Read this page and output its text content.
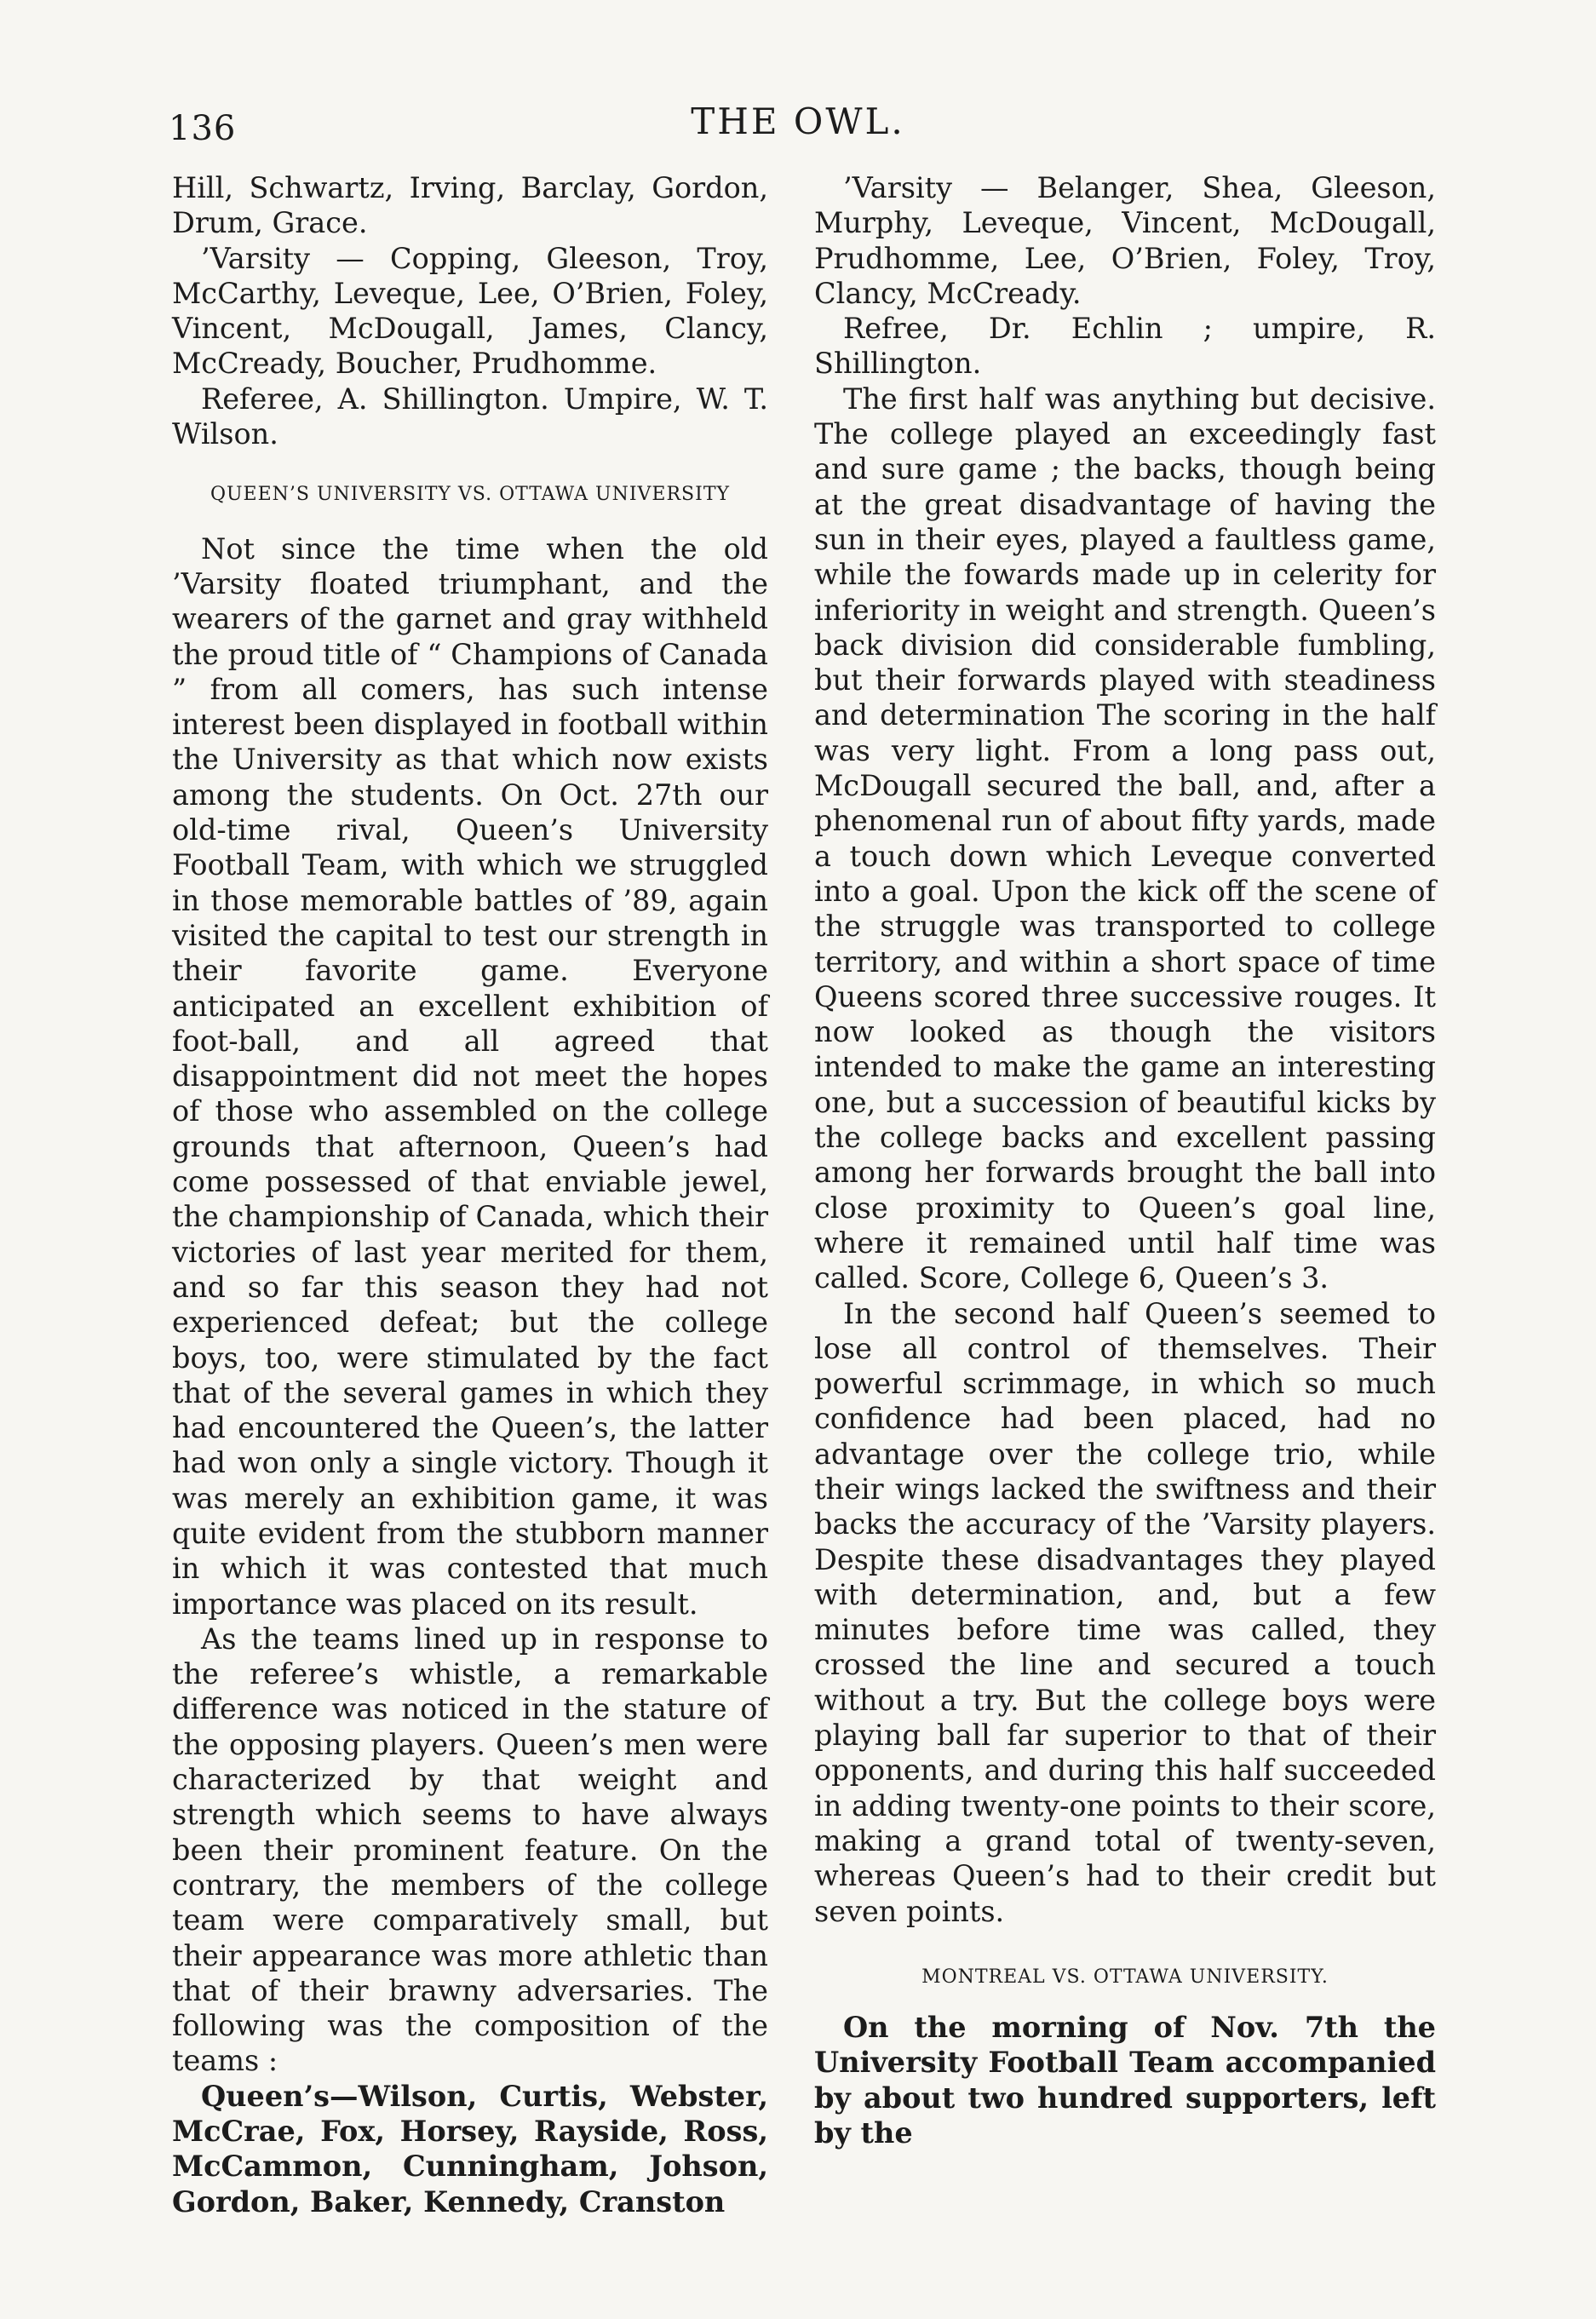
136	THE OWL.

Hill, Schwartz, Irving, Barclay, Gordon, Drum, Grace.

’Varsity — Copping, Gleeson, Troy, McCarthy, Leveque, Lee, O’Brien, Foley, Vincent, McDougall, James, Clancy, McCready, Boucher, Prudhomme.

Referee, A. Shillington. Umpire, W. T. Wilson.

QUEEN’S UNIVERSITY VS. OTTAWA UNIVERSITY

Not since the time when the old ’Varsity floated triumphant, and the wearers of the garnet and gray withheld the proud title of “ Champions of Canada ” from all comers, has such intense interest been displayed in football within the University as that which now exists among the students. On Oct. 27th our old-time rival, Queen’s University Football Team, with which we struggled in those memorable battles of ’89, again visited the capital to test our strength in their favorite game. Everyone anticipated an excellent exhibition of foot-ball, and all agreed that disappointment did not meet the hopes of those who assembled on the college grounds that afternoon, Queen’s had come possessed of that enviable jewel, the championship of Canada, which their victories of last year merited for them, and so far this season they had not experienced defeat; but the college boys, too, were stimulated by the fact that of the several games in which they had encountered the Queen’s, the latter had won only a single victory. Though it was merely an exhibition game, it was quite evident from the stubborn manner in which it was contested that much importance was placed on its result.

As the teams lined up in response to the referee’s whistle, a remarkable difference was noticed in the stature of the opposing players. Queen’s men were characterized by that weight and strength which seems to have always been their prominent feature. On the contrary, the members of the college team were comparatively small, but their appearance was more athletic than that of their brawny adversaries. The following was the composition of the teams :

Queen’s—Wilson, Curtis, Webster, McCrae, Fox, Horsey, Rayside, Ross, McCammon, Cunningham, Johson, Gordon, Baker, Kennedy, Cranston

’Varsity — Belanger, Shea, Gleeson, Murphy, Leveque, Vincent, McDougall, Prudhomme, Lee, O’Brien, Foley, Troy, Clancy, McCready.

Refree, Dr. Echlin ; umpire, R. Shillington.

The first half was anything but decisive. The college played an exceedingly fast and sure game ; the backs, though being at the great disadvantage of having the sun in their eyes, played a faultless game, while the fowards made up in celerity for inferiority in weight and strength. Queen’s back division did considerable fumbling, but their forwards played with steadiness and determination The scoring in the half was very light. From a long pass out, McDougall secured the ball, and, after a phenomenal run of about fifty yards, made a touch down which Leveque converted into a goal. Upon the kick off the scene of the struggle was transported to college territory, and within a short space of time Queens scored three successive rouges. It now looked as though the visitors intended to make the game an interesting one, but a succession of beautiful kicks by the college backs and excellent passing among her forwards brought the ball into close proximity to Queen’s goal line, where it remained until half time was called. Score, College 6, Queen’s 3.

In the second half Queen’s seemed to lose all control of themselves. Their powerful scrimmage, in which so much confidence had been placed, had no advantage over the college trio, while their wings lacked the swiftness and their backs the accuracy of the ’Varsity players. Despite these disadvantages they played with determination, and, but a few minutes before time was called, they crossed the line and secured a touch without a try. But the college boys were playing ball far superior to that of their opponents, and during this half succeeded in adding twenty-one points to their score, making a grand total of twenty-seven, whereas Queen’s had to their credit but seven points.

MONTREAL VS. OTTAWA UNIVERSITY.

On the morning of Nov. 7th the University Football Team accompanied by about two hundred supporters, left by the
